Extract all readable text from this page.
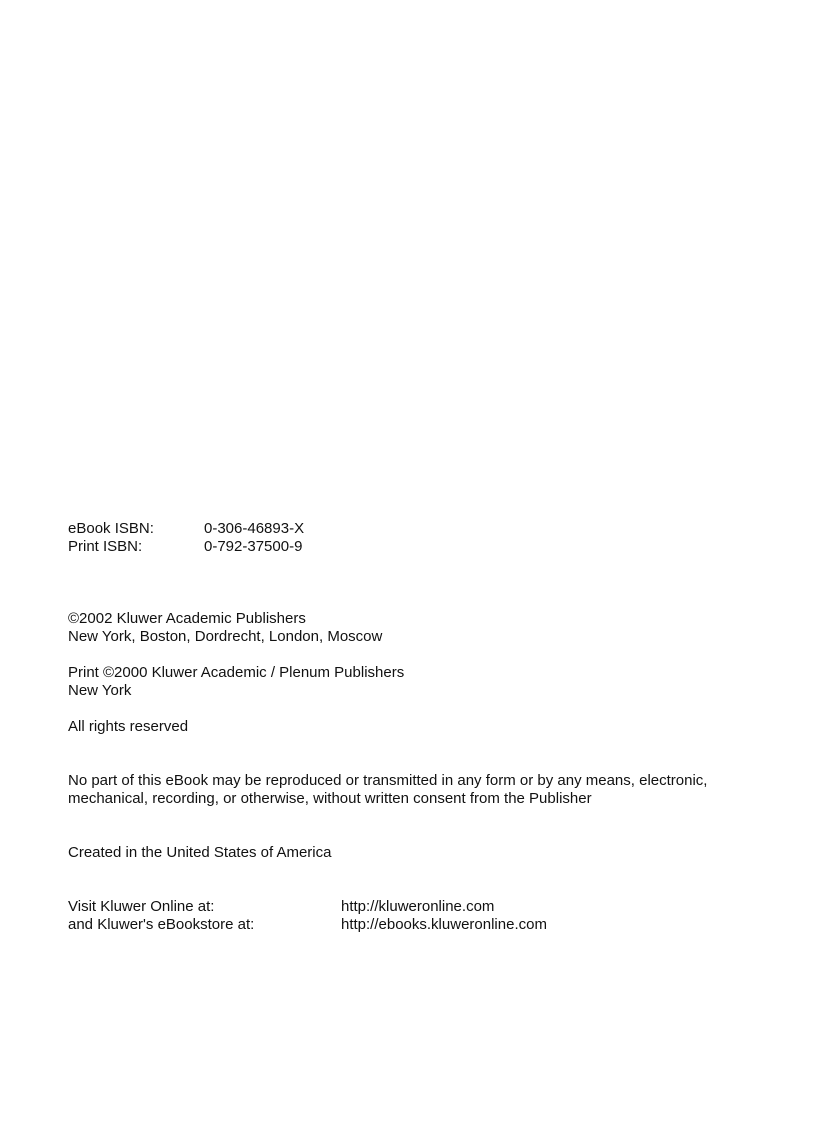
eBook ISBN:	0-306-46893-X
Print ISBN:	0-792-37500-9
©2002 Kluwer Academic Publishers
New York, Boston, Dordrecht, London, Moscow
Print ©2000 Kluwer Academic / Plenum Publishers
New York
All rights reserved
No part of this eBook may be reproduced or transmitted in any form or by any means, electronic,
mechanical, recording, or otherwise, without written consent from the Publisher
Created in the United States of America
Visit Kluwer Online at:	http://kluweronline.com
and Kluwer's eBookstore at:	http://ebooks.kluweronline.com
